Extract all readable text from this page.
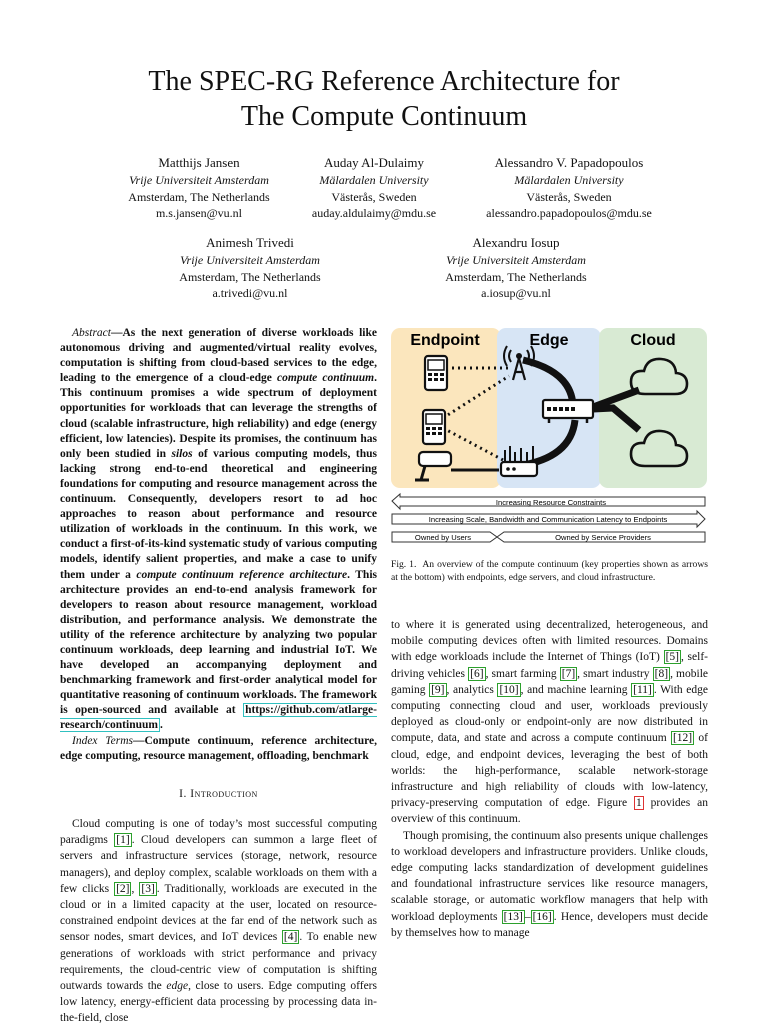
The SPEC-RG Reference Architecture for
The Compute Continuum
Matthijs Jansen
Vrije Universiteit Amsterdam
Amsterdam, The Netherlands
m.s.jansen@vu.nl
Auday Al-Dulaimy
Mälardalen University
Västerås, Sweden
auday.aldulaimy@mdu.se
Alessandro V. Papadopoulos
Mälardalen University
Västerås, Sweden
alessandro.papadopoulos@mdu.se
Animesh Trivedi
Vrije Universiteit Amsterdam
Amsterdam, The Netherlands
a.trivedi@vu.nl
Alexandru Iosup
Vrije Universiteit Amsterdam
Amsterdam, The Netherlands
a.iosup@vu.nl

Abstract—As the next generation of diverse workloads like autonomous driving and augmented/virtual reality evolves, computation is shifting from cloud-based services to the edge, leading to the emergence of a cloud-edge compute continuum. This continuum promises a wide spectrum of deployment opportunities for workloads that can leverage the strengths of cloud (scalable infrastructure, high reliability) and edge (energy efficient, low latencies). Despite its promises, the continuum has only been studied in silos of various computing models, thus lacking strong end-to-end theoretical and engineering foundations for computing and resource management across the continuum. Consequently, developers resort to ad hoc approaches to reason about performance and resource utilization of workloads in the continuum. In this work, we conduct a first-of-its-kind systematic study of various computing models, identify salient properties, and make a case to unify them under a compute continuum reference architecture. This architecture provides an end-to-end analysis framework for developers to reason about resource management, workload distribution, and performance analysis. We demonstrate the utility of the reference architecture by analyzing two popular continuum workloads, deep learning and industrial IoT. We have developed an accompanying deployment and benchmarking framework and first-order analytical model for quantitative reasoning of continuum workloads. The framework is open-sourced and available at https://github.com/atlarge-research/continuum .

Index Terms—Compute continuum, reference architecture, edge computing, resource management, offloading, benchmark

I. Introduction

Cloud computing is one of today’s most successful computing paradigms [1] . Cloud developers can summon a large fleet of servers and infrastructure services (storage, network, resource managers), and deploy complex, scalable workloads on them with a few clicks [2] , [3] . Traditionally, workloads are executed in the cloud or in a limited capacity at the user, located on resource-constrained endpoint devices at the far end of the network such as sensor nodes, smart devices, and IoT devices [4] . To enable new generations of workloads with strict performance and privacy requirements, the cloud-centric view of computation is shifting outwards towards the edge, close to users. Edge computing offers low latency, energy-efficient data processing by processing data in-the-field, close

Endpoint	Edge	Cloud
Increasing Resource Constraints
Increasing Scale, Bandwidth and Communication Latency to Endpoints
Owned by Users	Owned by Service Providers
Fig. 1. An overview of the compute continuum (key properties shown as arrows at the bottom) with endpoints, edge servers, and cloud infrastructure.

to where it is generated using decentralized, heterogeneous, and mobile computing devices often with limited resources. Domains with edge workloads include the Internet of Things (IoT) [5] , self-driving vehicles [6] , smart farming [7] , smart industry [8] , mobile gaming [9] , analytics [10] , and machine learning [11] . With edge computing connecting cloud and user, workloads previously deployed as cloud-only or endpoint-only are now distributed in compute, data, and state and across a compute continuum [12] of cloud, edge, and endpoint devices, leveraging the best of both worlds: the high-performance, scalable network-storage infrastructure and high reliability of clouds with low-latency, privacy-preserving computation of edge. Figure 1 provides an overview of this continuum.

Though promising, the continuum also presents unique challenges to workload developers and infrastructure providers. Unlike clouds, edge computing lacks standardization of development guidelines and foundational infrastructure services like resource managers, scalable storage, or automatic workflow managers that help with workload deployments [13] – [16] . Hence, developers must decide by themselves how to manage
